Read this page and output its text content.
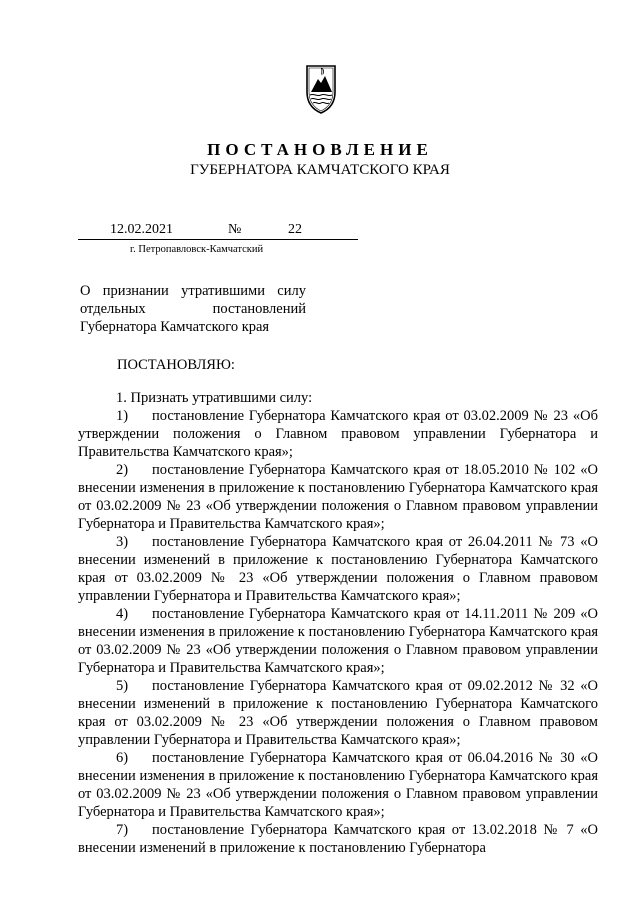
ПОСТАНОВЛЕНИЕ
ГУБЕРНАТОРА КАМЧАТСКОГО КРАЯ
12.02.2021	№	22
г. Петропавловск-Камчатский
О признании утратившими силу
отдельных постановлений
Губернатора Камчатского края
ПОСТАНОВЛЯЮ:

1. Признать утратившими силу:

1) постановление Губернатора Камчатского края от 03.02.2009 № 23 «Об утверждении положения о Главном правовом управлении Губернатора и Правительства Камчатского края»;

2) постановление Губернатора Камчатского края от 18.05.2010 № 102 «О внесении изменения в приложение к постановлению Губернатора Камчатского края от 03.02.2009 № 23 «Об утверждении положения о Главном правовом управлении Губернатора и Правительства Камчатского края»;

3) постановление Губернатора Камчатского края от 26.04.2011 № 73 «О внесении изменений в приложение к постановлению Губернатора Камчатского края от 03.02.2009 № 23 «Об утверждении положения о Главном правовом управлении Губернатора и Правительства Камчатского края»;

4) постановление Губернатора Камчатского края от 14.11.2011 № 209 «О внесении изменения в приложение к постановлению Губернатора Камчатского края от 03.02.2009 № 23 «Об утверждении положения о Главном правовом управлении Губернатора и Правительства Камчатского края»;

5) постановление Губернатора Камчатского края от 09.02.2012 № 32 «О внесении изменений в приложение к постановлению Губернатора Камчатского края от 03.02.2009 № 23 «Об утверждении положения о Главном правовом управлении Губернатора и Правительства Камчатского края»;

6) постановление Губернатора Камчатского края от 06.04.2016 № 30 «О внесении изменения в приложение к постановлению Губернатора Камчатского края от 03.02.2009 № 23 «Об утверждении положения о Главном правовом управлении Губернатора и Правительства Камчатского края»;

7) постановление Губернатора Камчатского края от 13.02.2018 № 7 «О внесении изменений в приложение к постановлению Губернатора
